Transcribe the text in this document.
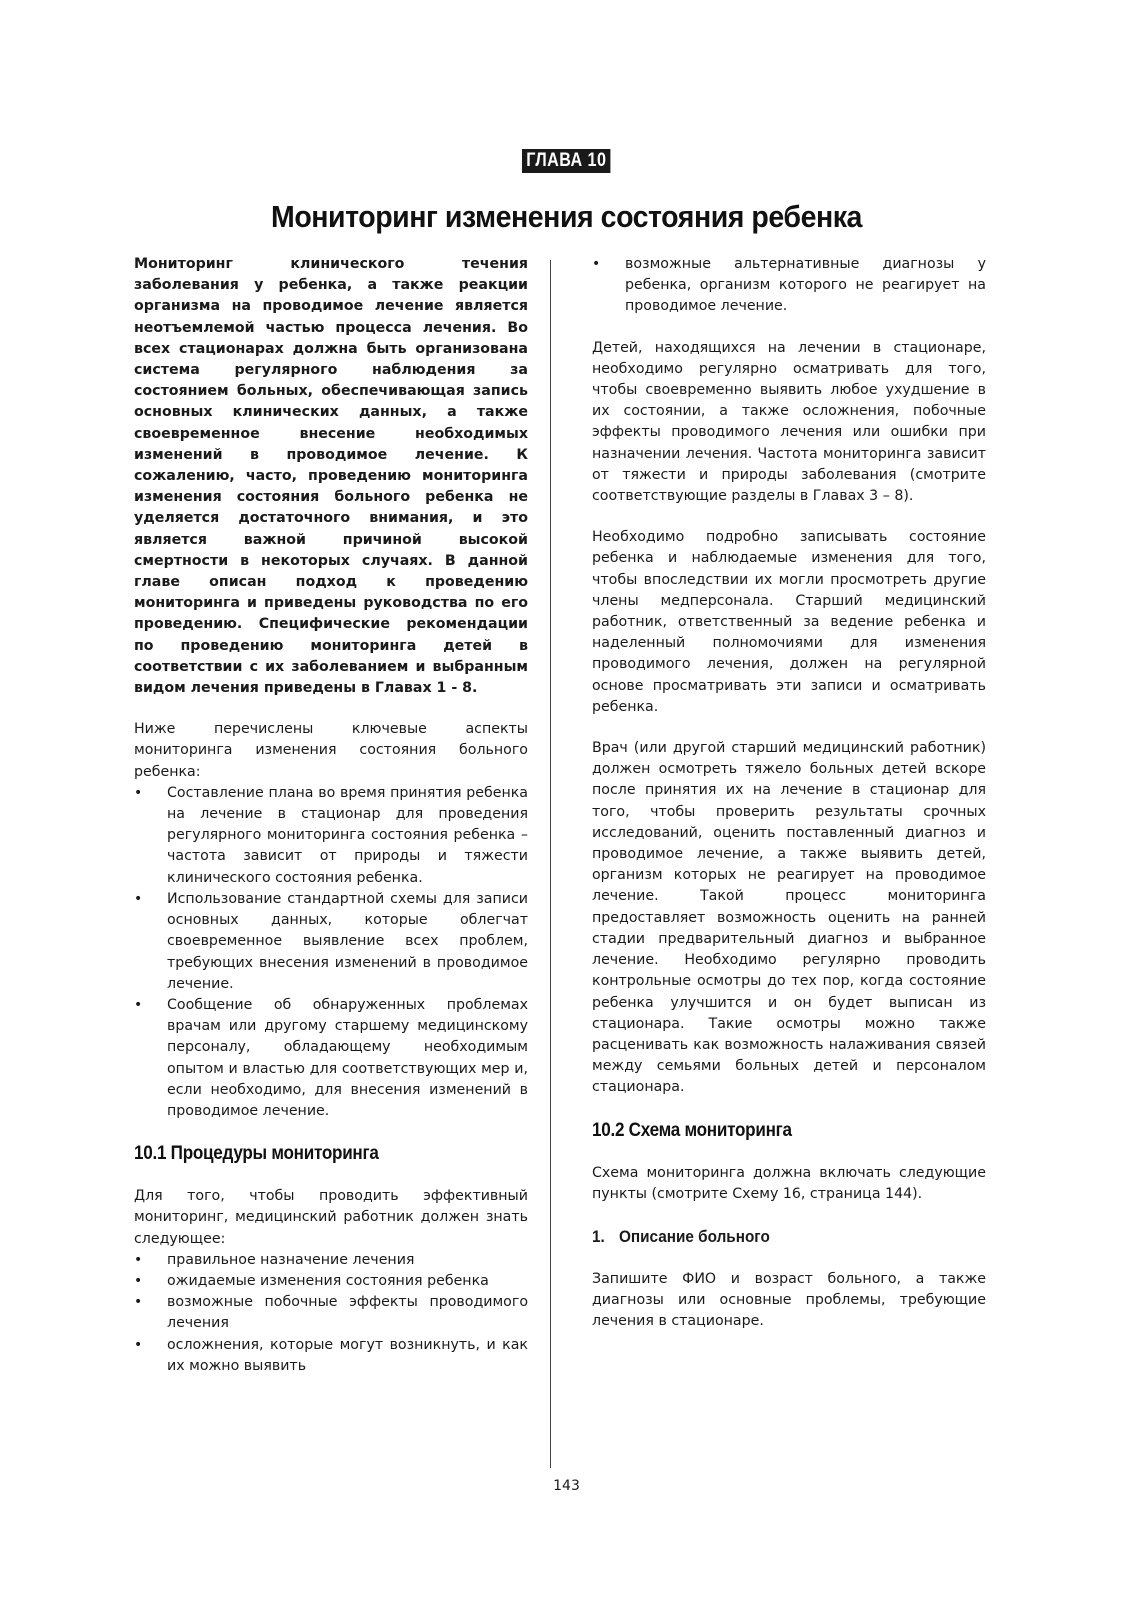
ГЛАВА 10
Мониторинг изменения состояния ребенка

Мониторинг клинического течения заболевания у ребенка, а также реакции организма на проводимое лечение является неотъемлемой частью процесса лечения. Во всех стационарах должна быть организована система регулярного наблюдения за состоянием больных, обеспечивающая запись основных клинических данных, а также своевременное внесение необходимых изменений в проводимое лечение. К сожалению, часто, проведению мониторинга изменения состояния больного ребенка не уделяется достаточного внимания, и это является важной причиной высокой смертности в некоторых случаях. В данной главе описан подход к проведению мониторинга и приведены руководства по его проведению. Специфические рекомендации по проведению мониторинга детей в соответствии с их заболеванием и выбранным видом лечения приведены в Главах 1 - 8.

Ниже перечислены ключевые аспекты мониторинга изменения состояния больного ребенка:

• Составление плана во время принятия ребенка на лечение в стационар для проведения регулярного мониторинга состояния ребенка – частота зависит от природы и тяжести клинического состояния ребенка.
• Использование стандартной схемы для записи основных данных, которые облегчат своевременное выявление всех проблем, требующих внесения изменений в проводимое лечение.
• Сообщение об обнаруженных проблемах врачам или другому старшему медицинскому персоналу, обладающему необходимым опытом и властью для соответствующих мер и, если необходимо, для внесения изменений в проводимое лечение.
10.1 Процедуры мониторинга

Для того, чтобы проводить эффективный мониторинг, медицинский работник должен знать следующее:

• правильное назначение лечения
• ожидаемые изменения состояния ребенка
• возможные побочные эффекты проводимого лечения
• осложнения, которые могут возникнуть, и как их можно выявить
• возможные альтернативные диагнозы у ребенка, организм которого не реагирует на проводимое лечение.

Детей, находящихся на лечении в стационаре, необходимо регулярно осматривать для того, чтобы своевременно выявить любое ухудшение в их состоянии, а также осложнения, побочные эффекты проводимого лечения или ошибки при назначении лечения. Частота мониторинга зависит от тяжести и природы заболевания (смотрите соответствующие разделы в Главах 3 – 8).

Необходимо подробно записывать состояние ребенка и наблюдаемые изменения для того, чтобы впоследствии их могли просмотреть другие члены медперсонала. Старший медицинский работник, ответственный за ведение ребенка и наделенный полномочиями для изменения проводимого лечения, должен на регулярной основе просматривать эти записи и осматривать ребенка.

Врач (или другой старший медицинский работник) должен осмотреть тяжело больных детей вскоре после принятия их на лечение в стационар для того, чтобы проверить результаты срочных исследований, оценить поставленный диагноз и проводимое лечение, а также выявить детей, организм которых не реагирует на проводимое лечение. Такой процесс мониторинга предоставляет возможность оценить на ранней стадии предварительный диагноз и выбранное лечение. Необходимо регулярно проводить контрольные осмотры до тех пор, когда состояние ребенка улучшится и он будет выписан из стационара. Такие осмотры можно также расценивать как возможность налаживания связей между семьями больных детей и персоналом стационара.

10.2 Схема мониторинга

Схема мониторинга должна включать следующие пункты (смотрите Схему 16, страница 144).

1. Описание больного

Запишите ФИО и возраст больного, а также диагнозы или основные проблемы, требующие лечения в стационаре.

143
